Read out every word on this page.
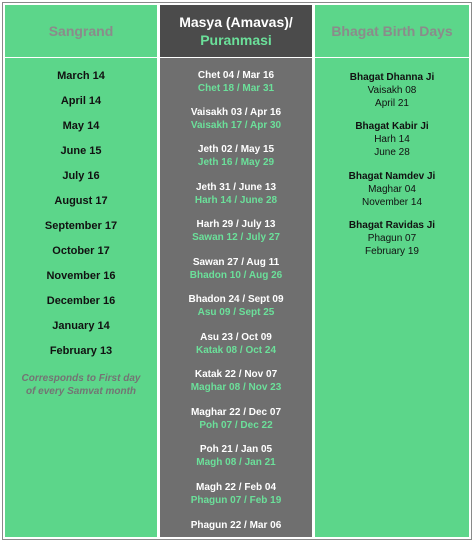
Sangrand
March 14
April 14
May 14
June 15
July 16
August 17
September 17
October 17
November 16
December 16
January 14
February 13
Corresponds to First day
of every Samvat month
Masya (Amavas)/
Puranmasi
Chet 04 / Mar 16
Chet 18 / Mar 31
Vaisakh 03 / Apr 16
Vaisakh 17 / Apr 30
Jeth 02 / May 15
Jeth 16 / May 29
Jeth 31 / June 13
Harh 14 / June 28
Harh 29 / July 13
Sawan 12 / July 27
Sawan 27 / Aug 11
Bhadon 10 / Aug 26
Bhadon 24 / Sept 09
Asu 09 / Sept 25
Asu 23 / Oct 09
Katak 08 / Oct 24
Katak 22 / Nov 07
Maghar 08 / Nov 23
Maghar 22 / Dec 07
Poh 07 / Dec 22
Poh 21 / Jan 05
Magh 08 / Jan 21
Magh 22 / Feb 04
Phagun 07 / Feb 19
Phagun 22 / Mar 06
Bhagat Birth Days
Bhagat Dhanna Ji
Vaisakh 08
April 21
Bhagat Kabir Ji
Harh 14
June 28
Bhagat Namdev Ji
Maghar 04
November 14
Bhagat Ravidas Ji
Phagun 07
February 19
